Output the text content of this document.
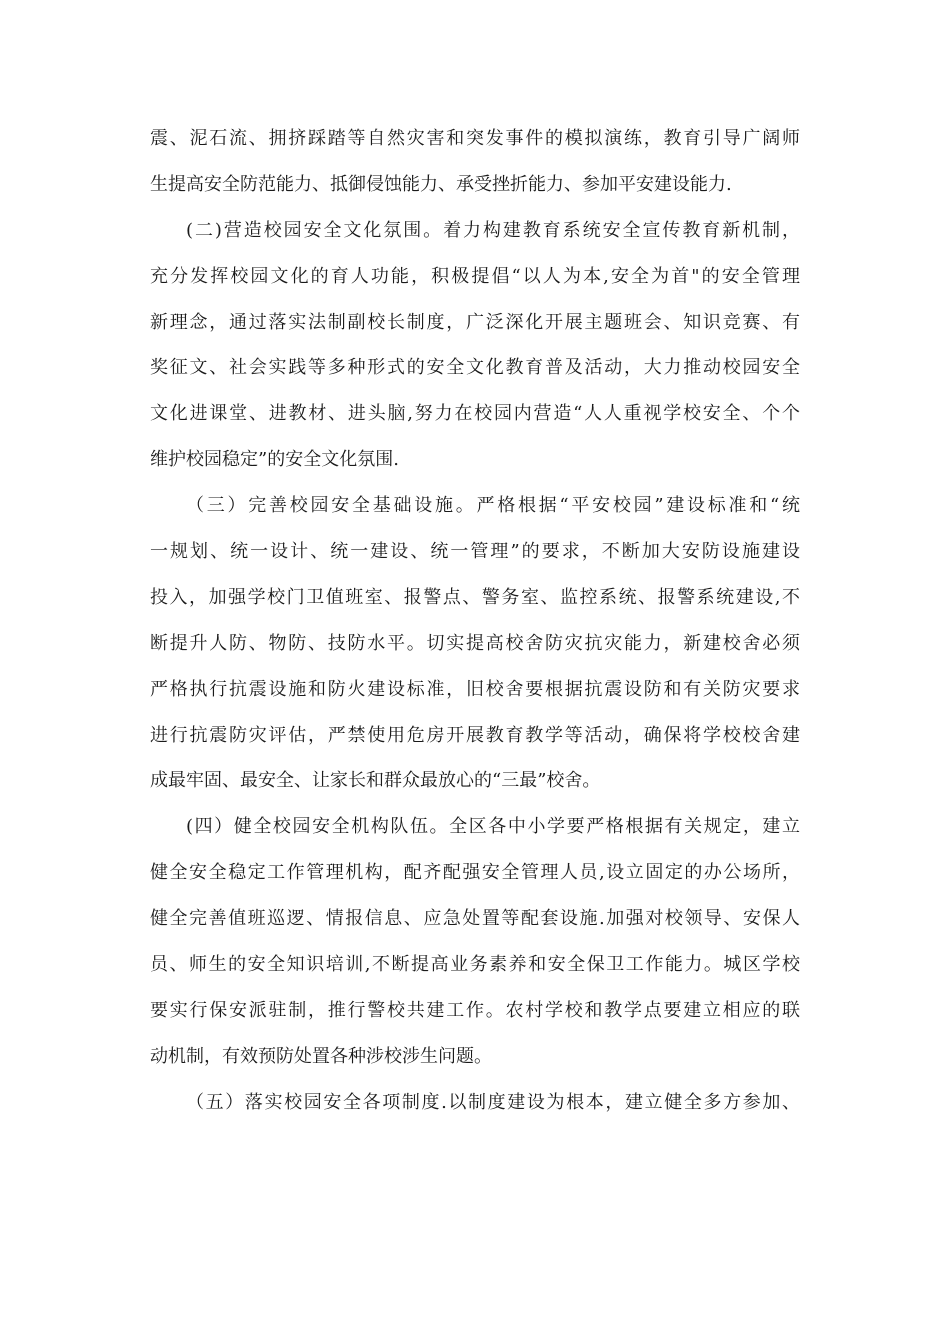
震、泥石流、拥挤踩踏等自然灾害和突发事件的模拟演练，教育引导广阔师
生提高安全防范能力、抵御侵蚀能力、承受挫折能力、参加平安建设能力.
(二)营造校园安全文化氛围。着力构建教育系统安全宣传教育新机制，
充分发挥校园文化的育人功能，积极提倡“以人为本,安全为首"的安全管理
新理念，通过落实法制副校长制度，广泛深化开展主题班会、知识竞赛、有
奖征文、社会实践等多种形式的安全文化教育普及活动，大力推动校园安全
文化进课堂、进教材、进头脑,努力在校园内营造“人人重视学校安全、个个
维护校园稳定”的安全文化氛围.
（三）完善校园安全基础设施。严格根据“平安校园”建设标准和“统
一规划、统一设计、统一建设、统一管理”的要求，不断加大安防设施建设
投入，加强学校门卫值班室、报警点、警务室、监控系统、报警系统建设,不
断提升人防、物防、技防水平。切实提高校舍防灾抗灾能力，新建校舍必须
严格执行抗震设施和防火建设标准，旧校舍要根据抗震设防和有关防灾要求
进行抗震防灾评估，严禁使用危房开展教育教学等活动，确保将学校校舍建
成最牢固、最安全、让家长和群众最放心的“三最”校舍。
(四）健全校园安全机构队伍。全区各中小学要严格根据有关规定，建立
健全安全稳定工作管理机构，配齐配强安全管理人员,设立固定的办公场所，
健全完善值班巡逻、情报信息、应急处置等配套设施.加强对校领导、安保人
员、师生的安全知识培训,不断提高业务素养和安全保卫工作能力。城区学校
要实行保安派驻制，推行警校共建工作。农村学校和教学点要建立相应的联
动机制，有效预防处置各种涉校涉生问题。
（五）落实校园安全各项制度.以制度建设为根本，建立健全多方参加、
